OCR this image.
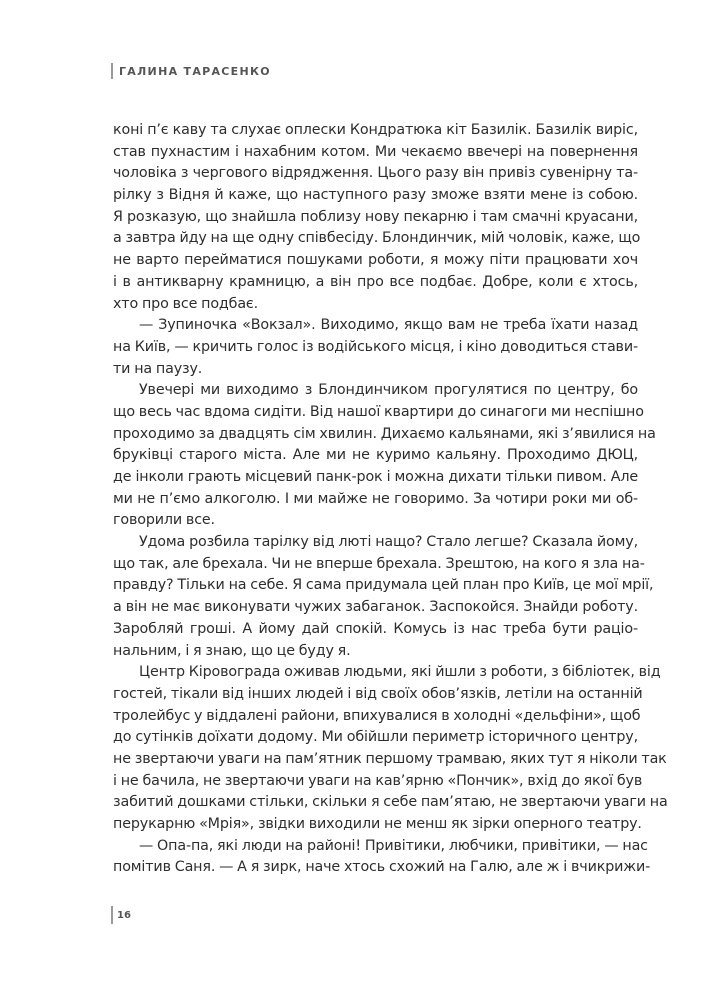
ГАЛИНА ТАРАСЕНКО
коні п’є каву та слухає оплески Кондратюка кіт Базилік. Базилік виріс,
став пухнастим і нахабним котом. Ми чекаємо ввечері на повернення
чоловіка з чергового відрядження. Цього разу він привіз сувенірну та-
рілку з Відня й каже, що наступного разу зможе взяти мене із собою.
Я розказую, що знайшла поблизу нову пекарню і там смачні круасани,
а завтра йду на ще одну співбесіду. Блондинчик, мій чоловік, каже, що
не варто перейматися пошуками роботи, я можу піти працювати хоч
і в антикварну крамницю, а він про все подбає. Добре, коли є хтось,
хто про все подбає.
— Зупиночка «Вокзал». Виходимо, якщо вам не треба їхати назад
на Київ, — кричить голос із водійського місця, і кіно доводиться стави-
ти на паузу.
Увечері ми виходимо з Блондинчиком прогулятися по центру, бо
що весь час вдома сидіти. Від нашої квартири до синагоги ми неспішно
проходимо за двадцять сім хвилин. Дихаємо кальянами, які з’явилися на
бруківці старого міста. Але ми не куримо кальяну. Проходимо ДЮЦ,
де інколи грають місцевий панк-рок і можна дихати тільки пивом. Але
ми не п’ємо алкоголю. І ми майже не говоримо. За чотири роки ми об-
говорили все.
Удома розбила тарілку від люті нащо? Стало легше? Сказала йому,
що так, але брехала. Чи не вперше брехала. Зрештою, на кого я зла на-
правду? Тільки на себе. Я сама придумала цей план про Київ, це мої мрії,
а він не має виконувати чужих забаганок. Заспокойся. Знайди роботу.
Заробляй гроші. А йому дай спокій. Комусь із нас треба бути раціо-
нальним, і я знаю, що це буду я.
Центр Кіровограда оживав людьми, які йшли з роботи, з бібліотек, від
гостей, тікали від інших людей і від своїх обов’язків, летіли на останній
тролейбус у віддалені райони, впихувалися в холодні «дельфіни», щоб
до сутінків доїхати додому. Ми обійшли периметр історичного центру,
не звертаючи уваги на пам’ятник першому трамваю, яких тут я ніколи так
і не бачила, не звертаючи уваги на кав’ярню «Пончик», вхід до якої був
забитий дошками стільки, скільки я себе пам’ятаю, не звертаючи уваги на
перукарню «Мрія», звідки виходили не менш як зірки оперного театру.
— Опа-па, які люди на районі! Привітики, любчики, привітики, — нас
помітив Саня. — А я зирк, наче хтось схожий на Галю, але ж і вчикрижи-
16
